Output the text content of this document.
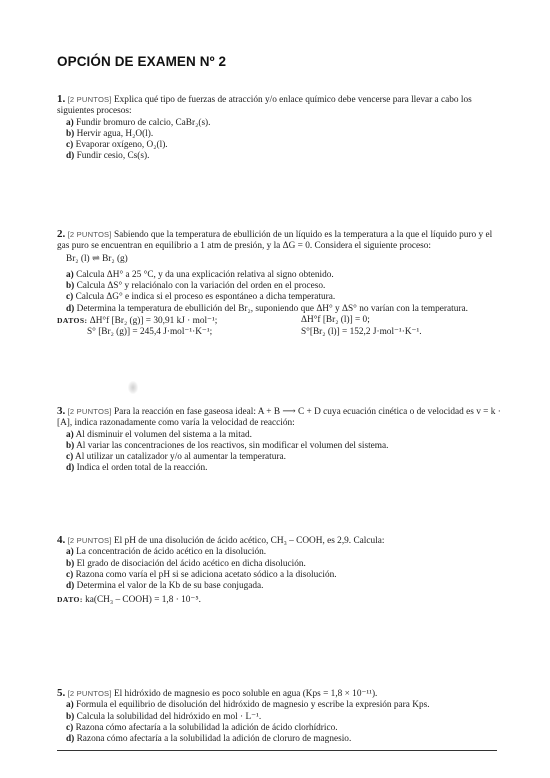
OPCIÓN DE EXAMEN Nº 2

1. [2 PUNTOS] Explica qué tipo de fuerzas de atracción y/o enlace químico debe vencerse para llevar a cabo los siguientes procesos:

a) Fundir bromuro de calcio, CaBr₂(s).

b) Hervir agua, H₂O(l).

c) Evaporar oxígeno, O₂(l).

d) Fundir cesio, Cs(s).

2. [2 PUNTOS] Sabiendo que la temperatura de ebullición de un líquido es la temperatura a la que el líquido puro y el gas puro se encuentran en equilibrio a 1 atm de presión, y la ΔG = 0. Considera el siguiente proceso:

Br₂ (l) ⇌ Br₂ (g)

a) Calcula ΔH° a 25 °C, y da una explicación relativa al signo obtenido.

b) Calcula ΔS° y relaciónalo con la variación del orden en el proceso.

c) Calcula ΔG° e indica si el proceso es espontáneo a dicha temperatura.

d) Determina la temperatura de ebullición del Br₂, suponiendo que ΔH° y ΔS° no varían con la temperatura.

DATOS: ΔH°f [Br₂ (g)] = 30,91 kJ · mol⁻¹;	ΔH°f [Br₂ (l)] = 0;
S° [Br₂ (g)] = 245,4 J·mol⁻¹·K⁻¹;	S°[Br₂ (l)] = 152,2 J·mol⁻¹·K⁻¹.

3. [2 PUNTOS] Para la reacción en fase gaseosa ideal: A + B ⟶ C + D cuya ecuación cinética o de velocidad es v = k · [A], indica razonadamente como varía la velocidad de reacción:

a) Al disminuir el volumen del sistema a la mitad.

b) Al variar las concentraciones de los reactivos, sin modificar el volumen del sistema.

c) Al utilizar un catalizador y/o al aumentar la temperatura.

d) Indica el orden total de la reacción.

4. [2 PUNTOS] El pH de una disolución de ácido acético, CH₃ – COOH, es 2,9. Calcula:

a) La concentración de ácido acético en la disolución.

b) El grado de disociación del ácido acético en dicha disolución.

c) Razona como varía el pH si se adiciona acetato sódico a la disolución.

d) Determina el valor de la Kb de su base conjugada.

DATO: ka(CH₃ – COOH) = 1,8 · 10⁻⁵.

5. [2 PUNTOS] El hidróxido de magnesio es poco soluble en agua (Kps = 1,8 × 10⁻¹¹).

a) Formula el equilibrio de disolución del hidróxido de magnesio y escribe la expresión para Kps.

b) Calcula la solubilidad del hidróxido en mol · L⁻¹.

c) Razona cómo afectaría a la solubilidad la adición de ácido clorhídrico.

d) Razona cómo afectaría a la solubilidad la adición de cloruro de magnesio.
